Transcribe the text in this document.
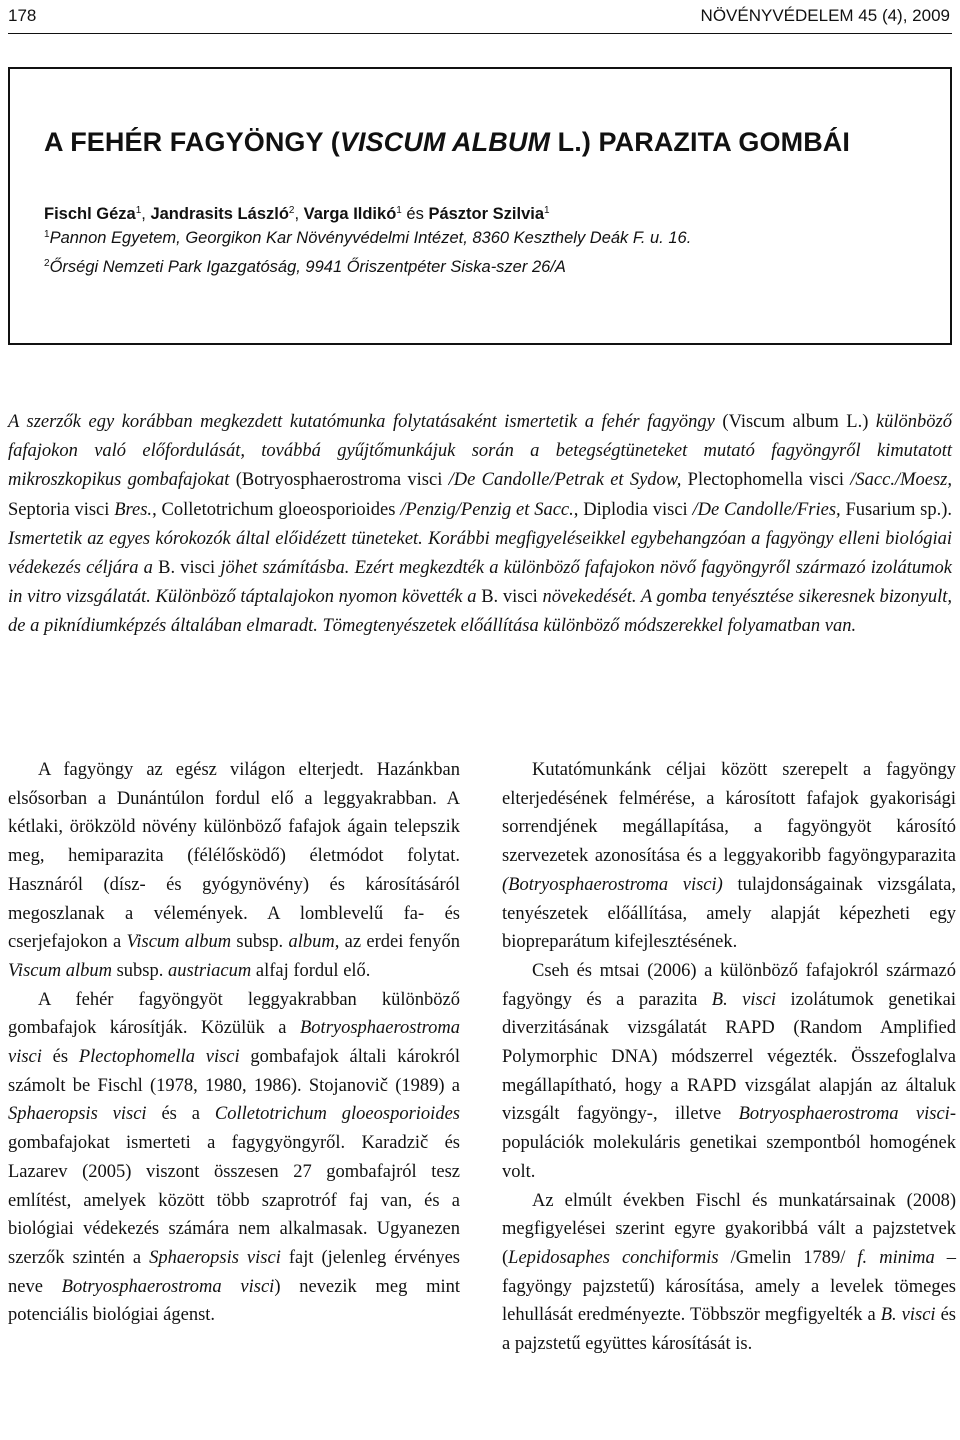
178	NÖVÉNYVÉDELEM 45 (4), 2009
A FEHÉR FAGYÖNGY (VISCUM ALBUM L.) PARAZITA GOMBÁI
Fischl Géza$^1$, Jandrasits László$^2$, Varga Ildikó$^1$ és Pásztor Szilvia$^1$
$^1$Pannon Egyetem, Georgikon Kar Növényvédelmi Intézet, 8360 Keszthely Deák F. u. 16.
$^2$Őrségi Nemzeti Park Igazgatóság, 9941 Őriszentpéter Siska-szer 26/A
A szerzők egy korábban megkezdett kutatómunka folytatásaként ismertetik a fehér fagyöngy (Viscum album L.) különböző fafajokon való előfordulását, továbbá gyűjtőmunkájuk során a betegségtüneteket mutató fagyöngyről kimutatott mikroszkopikus gombafajokat (Botryosphaerostroma visci /De Candolle/Petrak et Sydow, Plectophomella visci /Sacc./Moesz, Septoria visci Bres., Colletotrichum gloeosporioides /Penzig/Penzig et Sacc., Diplodia visci /De Candolle/Fries, Fusarium sp.). Ismertetik az egyes kórokozók által előidézett tüneteket. Korábbi megfigyeléseikkel egybehangzóan a fagyöngy elleni biológiai védekezés céljára a B. visci jöhet számításba. Ezért megkezdték a különböző fafajokon növő fagyöngyről származó izolátumok in vitro vizsgálatát. Különböző táptalajokon nyomon követték a B. visci növekedését. A gomba tenyésztése sikeresnek bizonyult, de a piknídiumképzés általában elmaradt. Tömegtenyészetek előállítása különböző módszerekkel folyamatban van.

A fagyöngy az egész világon elterjedt. Hazánkban elsősorban a Dunántúlon fordul elő a leggyakrabban. A kétlaki, örökzöld növény különböző fafajok ágain telepszik meg, hemiparazita (félélősködő) életmódot folytat. Hasznáról (dísz- és gyógynövény) és károsításáról megoszlanak a vélemények. A lomblevelű fa- és cserjefajokon a Viscum album subsp. album, az erdei fenyőn Viscum album subsp. austriacum alfaj fordul elő.

A fehér fagyöngyöt leggyakrabban különböző gombafajok károsítják. Közülük a Botryosphaerostroma visci és Plectophomella visci gombafajok általi károkról számolt be Fischl (1978, 1980, 1986). Stojanovič (1989) a Sphaeropsis visci és a Colletotrichum gloeosporioides gombafajokat ismerteti a fagygyöngyről. Karadzič és Lazarev (2005) viszont összesen 27 gombafajról tesz említést, amelyek között több szaprotróf faj van, és a biológiai védekezés számára nem alkalmasak. Ugyanezen szerzők szintén a Sphaeropsis visci fajt (jelenleg érvényes neve Botryosphaerostroma visci) nevezik meg mint potenciális biológiai ágenst.

Kutatómunkánk céljai között szerepelt a fagyöngy elterjedésének felmérése, a károsított fafajok gyakorisági sorrendjének megállapítása, a fagyöngyöt károsító szervezetek azonosítása és a leggyakoribb fagyöngyparazita (Botryosphaerostroma visci) tulajdonságainak vizsgálata, tenyészetek előállítása, amely alapját képezheti egy biopreparátum kifejlesztésének.

Cseh és mtsai (2006) a különböző fafajokról származó fagyöngy és a parazita B. visci izolátumok genetikai diverzitásának vizsgálatát RAPD (Random Amplified Polymorphic DNA) módszerrel végezték. Összefoglalva megállapítható, hogy a RAPD vizsgálat alapján az általuk vizsgált fagyöngy-, illetve Botryosphaerostroma visci-populációk molekuláris genetikai szempontból homogének volt.

Az elmúlt években Fischl és munkatársainak (2008) megfigyelései szerint egyre gyakoribbá vált a pajzstetvek (Lepidosaphes conchiformis /Gmelin 1789/ f. minima – fagyöngy pajzstetű) károsítása, amely a levelek tömeges lehullását eredményezte. Többször megfigyelték a B. visci és a pajzstetű együttes károsítását is.
